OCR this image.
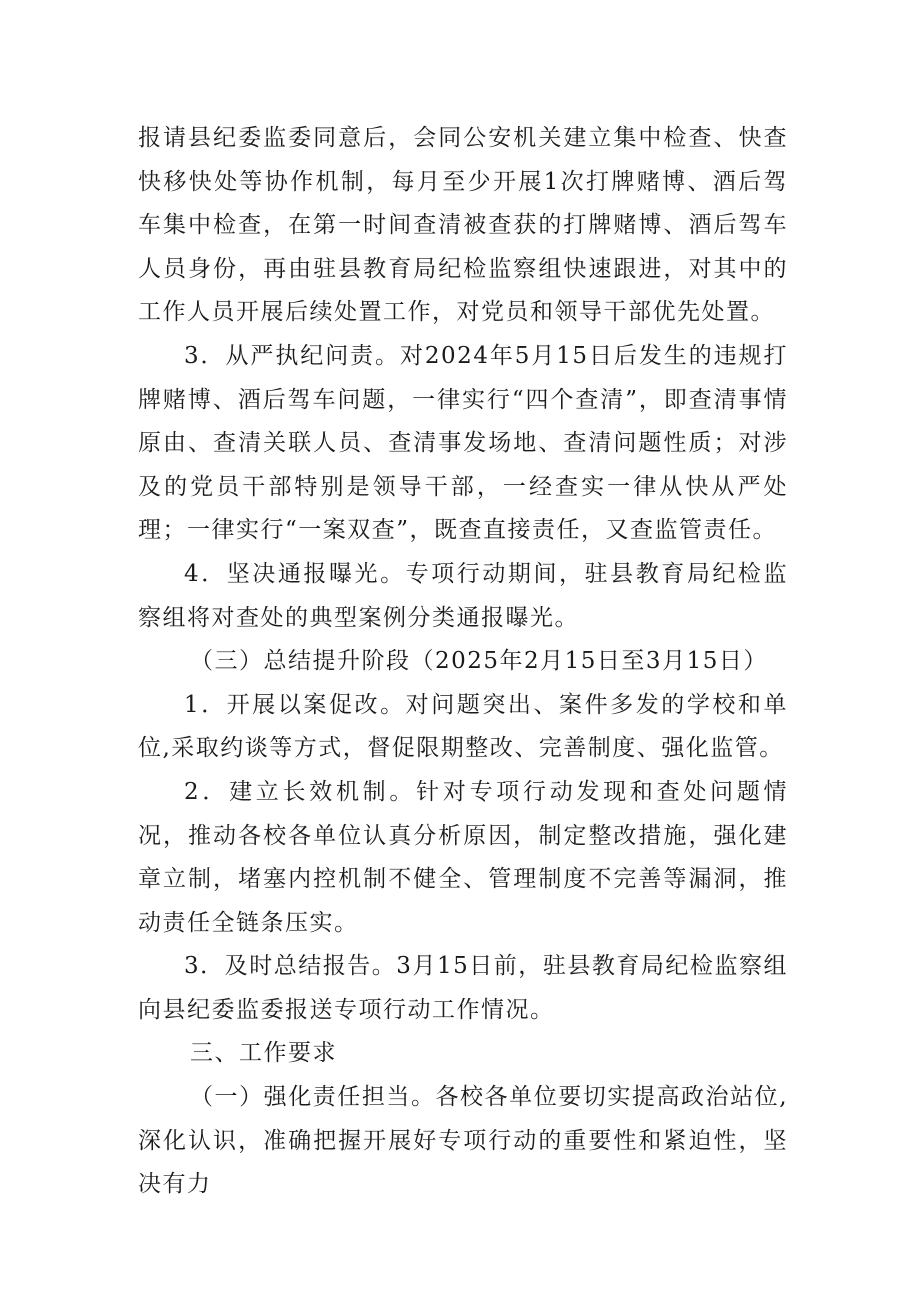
报请县纪委监委同意后，会同公安机关建立集中检查、快查快移快处等协作机制，每月至少开展1次打牌赌博、酒后驾车集中检查，在第一时间查清被查获的打牌赌博、酒后驾车人员身份，再由驻县教育局纪检监察组快速跟进，对其中的工作人员开展后续处置工作，对党员和领导干部优先处置。

3．从严执纪问责。对2024年5月15日后发生的违规打牌赌博、酒后驾车问题，一律实行“四个查清”，即查清事情原由、查清关联人员、查清事发场地、查清问题性质；对涉及的党员干部特别是领导干部，一经查实一律从快从严处理；一律实行“一案双查”，既查直接责任，又查监管责任。

4．坚决通报曝光。专项行动期间，驻县教育局纪检监察组将对查处的典型案例分类通报曝光。

（三）总结提升阶段（2025年2月15日至3月15日）

1．开展以案促改。对问题突出、案件多发的学校和单位,采取约谈等方式，督促限期整改、完善制度、强化监管。

2．建立长效机制。针对专项行动发现和查处问题情况，推动各校各单位认真分析原因，制定整改措施，强化建章立制，堵塞内控机制不健全、管理制度不完善等漏洞，推动责任全链条压实。

3．及时总结报告。3月15日前，驻县教育局纪检监察组向县纪委监委报送专项行动工作情况。

三、工作要求

（一）强化责任担当。各校各单位要切实提高政治站位,深化认识，准确把握开展好专项行动的重要性和紧迫性，坚决有力
